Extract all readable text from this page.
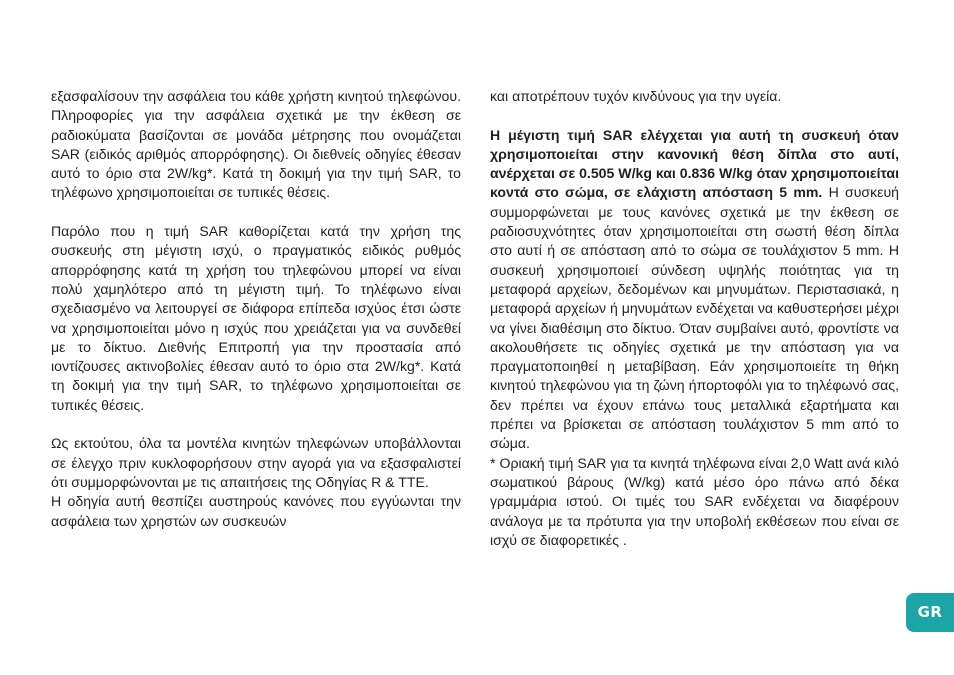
εξασφαλίσουν την ασφάλεια του κάθε χρήστη κινητού τηλεφώνου. Πληροφορίες για την ασφάλεια σχετικά με την έκθεση σε ραδιοκύματα βασίζονται σε μονάδα μέτρησης που ονομάζεται SAR (ειδικός αριθμός απορρόφησης). Οι διεθνείς οδηγίες έθεσαν αυτό το όριο στα 2W/kg*. Κατά τη δοκιμή για την τιμή SAR, το τηλέφωνο χρησιμοποιείται σε τυπικές θέσεις.

Παρόλο που η τιμή SAR καθορίζεται κατά την χρήση της συσκευής στη μέγιστη ισχύ, ο πραγματικός ειδικός ρυθμός απορρόφησης κατά τη χρήση του τηλεφώνου μπορεί να είναι πολύ χαμηλότερο από τη μέγιστη τιμή. Το τηλέφωνο είναι σχεδιασμένο να λειτουργεί σε διάφορα επίπεδα ισχύος έτσι ώστε να χρησιμοποιείται μόνο η ισχύς που χρειάζεται για να συνδεθεί με το δίκτυο. Διεθνής Επιτροπή για την προστασία από ιοντίζουσες ακτινοβολίες έθεσαν αυτό το όριο στα 2W/kg*. Κατά τη δοκιμή για την τιμή SAR, το τηλέφωνο χρησιμοποιείται σε τυπικές θέσεις.

Ως εκτούτου, όλα τα μοντέλα κινητών τηλεφώνων υποβάλλονται σε έλεγχο πριν κυκλοφορήσουν στην αγορά για να εξασφαλιστεί ότι συμμορφώνονται με τις απαιτήσεις της Οδηγίας R & TTE.

Η οδηγία αυτή θεσπίζει αυστηρούς κανόνες που εγγύωνται την ασφάλεια των χρηστών ων συσκευών

και αποτρέπουν τυχόν κινδύνους για την υγεία.

Η μέγιστη τιμή SAR ελέγχεται για αυτή τη συσκευή όταν χρησιμοποιείται στην κανονική θέση δίπλα στο αυτί, ανέρχεται σε 0.505 W/kg και 0.836 W/kg όταν χρησιμοποιείται κοντά στο σώμα, σε ελάχιστη απόσταση 5 mm. Η συσκευή συμμορφώνεται με τους κανόνες σχετικά με την έκθεση σε ραδιοσυχνότητες όταν χρησιμοποιείται στη σωστή θέση δίπλα στο αυτί ή σε απόσταση από το σώμα σε τουλάχιστον 5 mm. Η συσκευή χρησιμοποιεί σύνδεση υψηλής ποιότητας για τη μεταφορά αρχείων, δεδομένων και μηνυμάτων. Περιστασιακά, η μεταφορά αρχείων ή μηνυμάτων ενδέχεται να καθυστερήσει μέχρι να γίνει διαθέσιμη στο δίκτυο. Όταν συμβαίνει αυτό, φροντίστε να ακολουθήσετε τις οδηγίες σχετικά με την απόσταση για να πραγματοποιηθεί η μεταβίβαση. Εάν χρησιμοποιείτε τη θήκη κινητού τηλεφώνου για τη ζώνη ήπορτοφόλι για το τηλέφωνό σας, δεν πρέπει να έχουν επάνω τους μεταλλικά εξαρτήματα και πρέπει να βρίσκεται σε απόσταση τουλάχιστον 5 mm από το σώμα.

* Οριακή τιμή SAR για τα κινητά τηλέφωνα είναι 2,0 Watt ανά κιλό σωματικού βάρους (W/kg) κατά μέσο όρο πάνω από δέκα γραμμάρια ιστού. Οι τιμές του SAR ενδέχεται να διαφέρουν ανάλογα με τα πρότυπα για την υποβολή εκθέσεων που είναι σε ισχύ σε διαφορετικές .

GR
